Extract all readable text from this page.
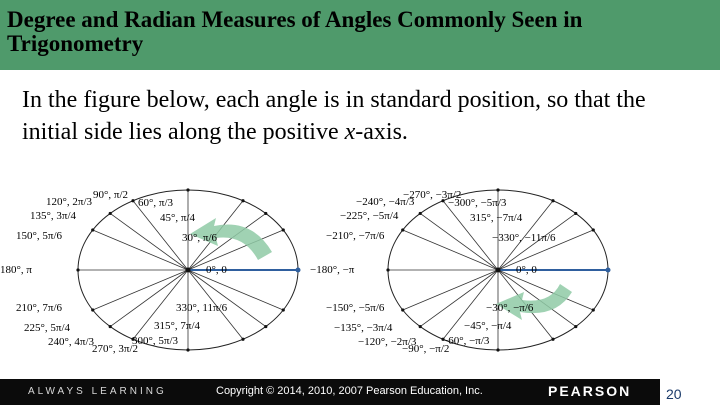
Degree and Radian Measures of Angles Commonly Seen in Trigonometry
In the figure below, each angle is in standard position, so that the initial side lies along the positive x-axis.
90°, π/2
120°, 2π/3	60°, π/3
135°, 3π/4	45°, π/4
150°, 5π/6	30°, π/6
180°, π	0°, 0
210°, 7π/6	330°, 11π/6
225°, 5π/4	315°, 7π/4
240°, 4π/3	300°, 5π/3
270°, 3π/2
−270°, −3π/2
−240°, −4π/3	−300°, −5π/3
−225°, −5π/4	315°, −7π/4
−210°, −7π/6	−330°, −11π/6
−180°, −π	0°, 0
−150°, −5π/6	−30°, −π/6
−135°, −3π/4	−45°, −π/4
−120°, −2π/3 −60°, −π/3
−90°, −π/2
ALWAYS LEARNING	Copyright © 2014, 2010, 2007 Pearson Education, Inc.	PEARSON 20
